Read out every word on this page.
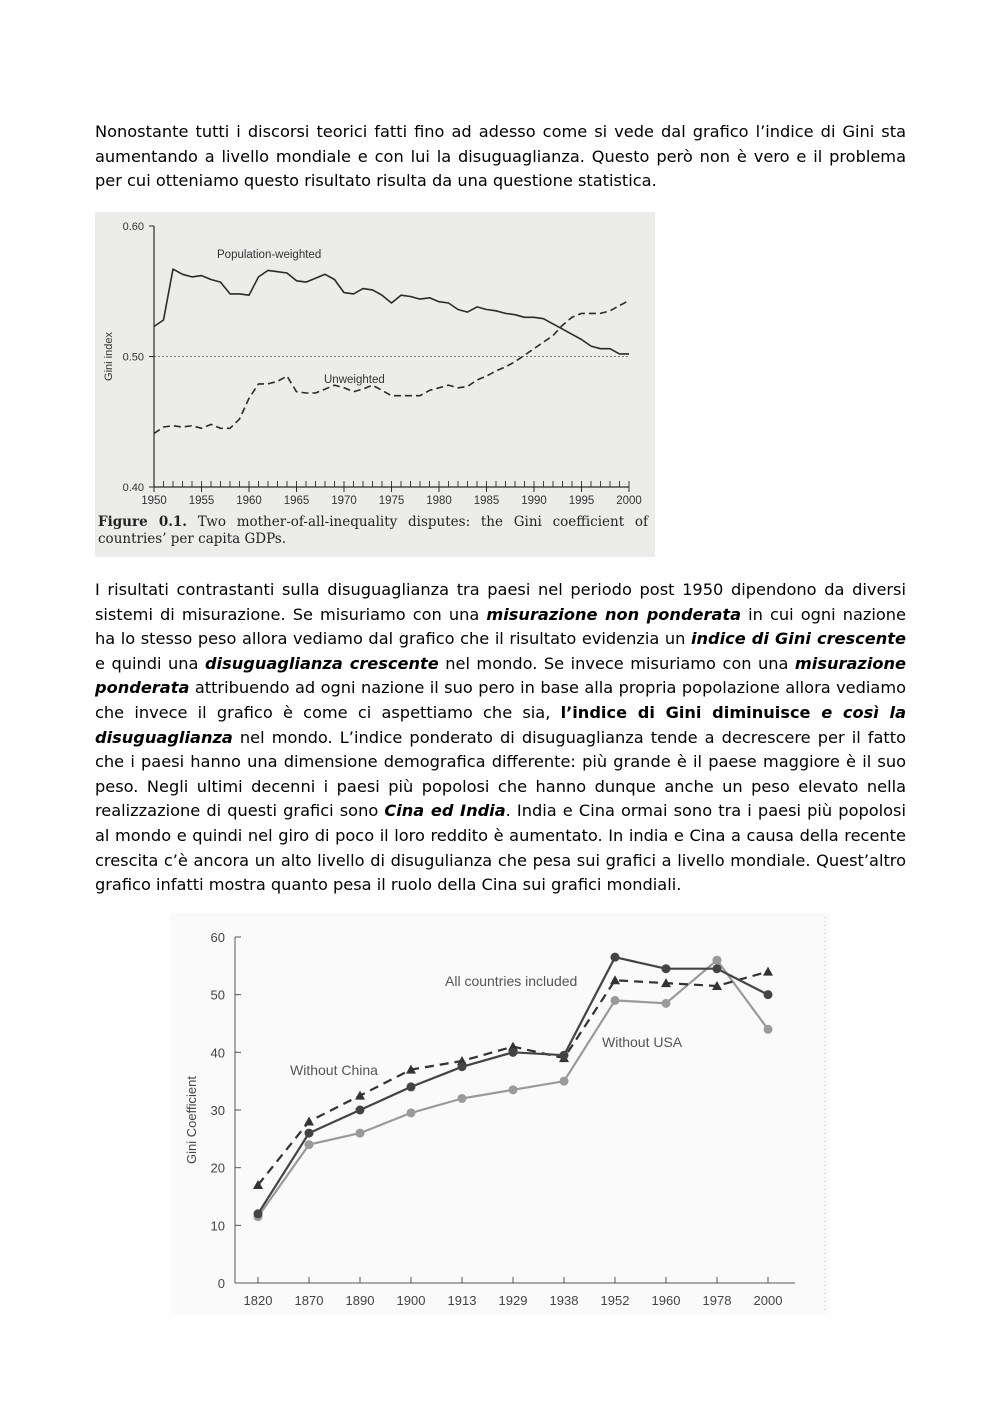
Nonostante tutti i discorsi teorici fatti fino ad adesso come si vede dal grafico l’indice di Gini sta aumentando a livello mondiale e con lui la disuguaglianza. Questo però non è vero e il problema per cui otteniamo questo risultato risulta da una questione statistica.

0.40
0.50
0.60
1950 1955 1960 1965 1970 1975 1980 1985 1990 1995 2000
Gini index
Population-weighted
Unweighted
Figure 0.1. Two mother-of-all-inequality disputes: the Gini coefficient of countries’ per capita GDPs.

I risultati contrastanti sulla disuguaglianza tra paesi nel periodo post 1950 dipendono da diversi sistemi di misurazione. Se misuriamo con una misurazione non ponderata in cui ogni nazione ha lo stesso peso allora vediamo dal grafico che il risultato evidenzia un indice di Gini crescente e quindi una disuguaglianza crescente nel mondo. Se invece misuriamo con una misurazione ponderata attribuendo ad ogni nazione il suo pero in base alla propria popolazione allora vediamo che invece il grafico è come ci aspettiamo che sia, l’indice di Gini diminuisce e così la disuguaglianza nel mondo. L’indice ponderato di disuguaglianza tende a decrescere per il fatto che i paesi hanno una dimensione demografica differente: più grande è il paese maggiore è il suo peso. Negli ultimi decenni i paesi più popolosi che hanno dunque anche un peso elevato nella realizzazione di questi grafici sono Cina ed India. India e Cina ormai sono tra i paesi più popolosi al mondo e quindi nel giro di poco il loro reddito è aumentato. In india e Cina a causa della recente crescita c’è ancora un alto livello di disugulianza che pesa sui grafici a livello mondiale. Quest’altro grafico infatti mostra quanto pesa il ruolo della Cina sui grafici mondiali.

0
10
20
30
40
50
60
1820 1870 1890 1900 1913 1929 1938 1952 1960 1978 2000
Gini Coefficient
All countries included
Without China
Without USA
